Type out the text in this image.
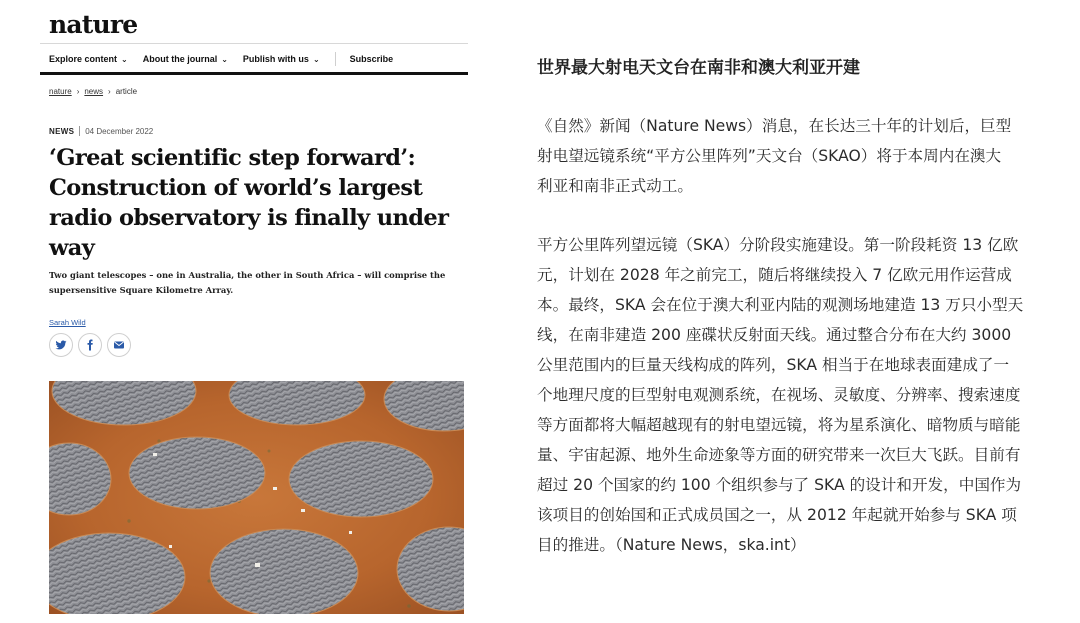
nature
Explore content ⌄ About the journal ⌄ Publish with us ⌄	Subscribe
nature › news › article
NEWS 04 December 2022
‘Great scientific step forward’:
Construction of world’s largest
radio observatory is finally under
way

Two giant telescopes – one in Australia, the other in South Africa – will comprise the
supersensitive Square Kilometre Array.

Sarah Wild
世界最大射电天文台在南非和澳大利亚开建
《自然》新闻（Nature News）消息，在长达三十年的计划后，巨型
射电望远镜系统“平方公里阵列”天文台（SKAO）将于本周内在澳大
利亚和南非正式动工。
平方公里阵列望远镜（SKA）分阶段实施建设。第一阶段耗资 13 亿欧
元，计划在 2028 年之前完工，随后将继续投入 7 亿欧元用作运营成
本。最终，SKA 会在位于澳大利亚内陆的观测场地建造 13 万只小型天
线，在南非建造 200 座碟状反射面天线。通过整合分布在大约 3000
公里范围内的巨量天线构成的阵列，SKA 相当于在地球表面建成了一
个地理尺度的巨型射电观测系统，在视场、灵敏度、分辨率、搜索速度
等方面都将大幅超越现有的射电望远镜，将为星系演化、暗物质与暗能
量、宇宙起源、地外生命迹象等方面的研究带来一次巨大飞跃。目前有
超过 20 个国家的约 100 个组织参与了 SKA 的设计和开发，中国作为
该项目的创始国和正式成员国之一，从 2012 年起就开始参与 SKA 项
目的推进。（Nature News，ska.int）
